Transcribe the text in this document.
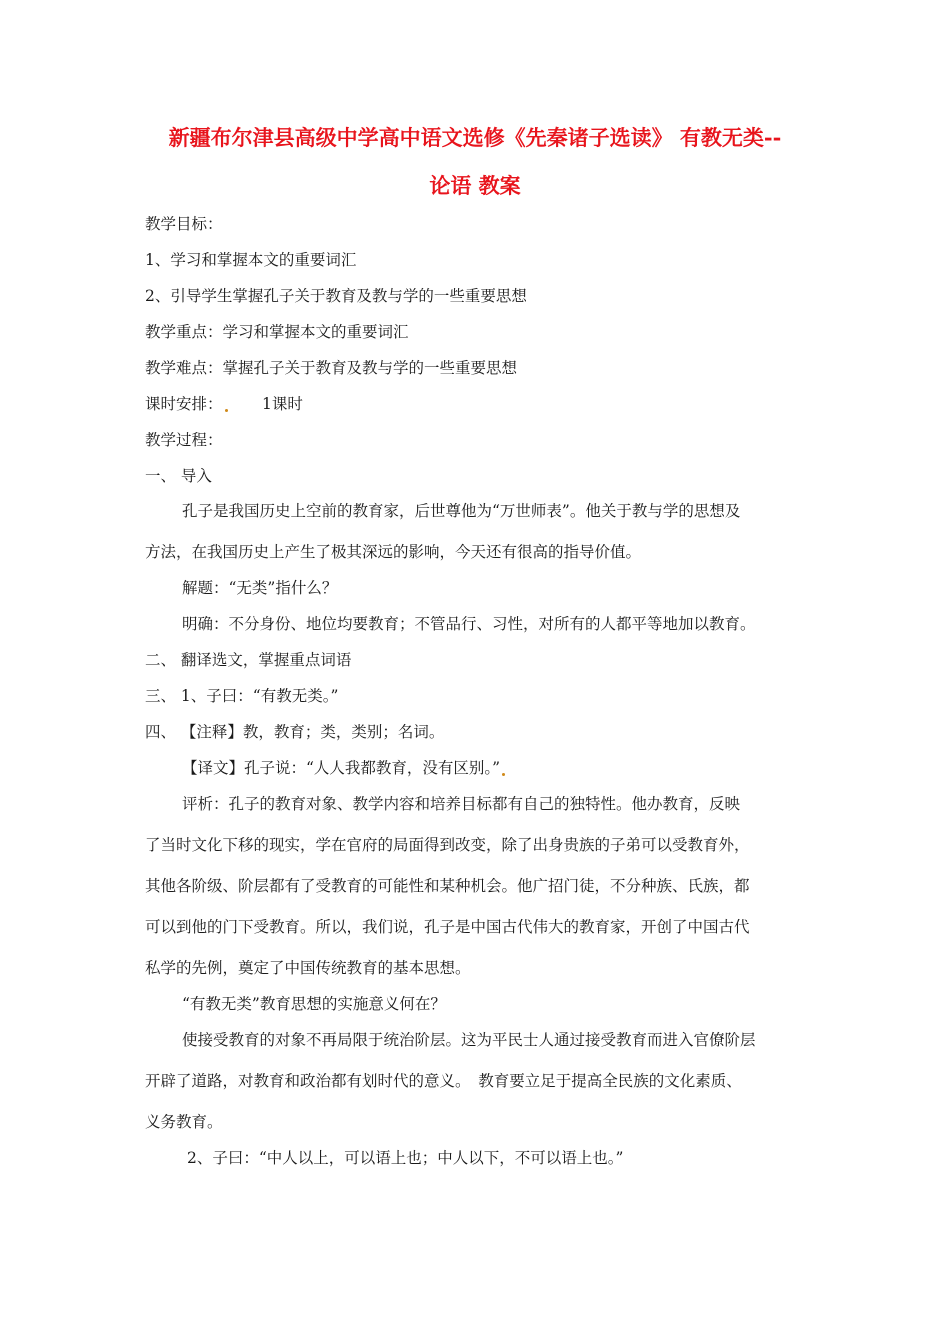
新疆布尔津县高级中学高中语文选修《先秦诸子选读》 有教无类--
论语 教案
教学目标：
1、学习和掌握本文的重要词汇
2、引导学生掌握孔子关于教育及教与学的一些重要思想
教学重点：学习和掌握本文的重要词汇
教学难点：掌握孔子关于教育及教与学的一些重要思想
课时安排：	1课时
教学过程：
一、 导入
孔子是我国历史上空前的教育家，后世尊他为“万世师表”。他关于教与学的思想及
方法，在我国历史上产生了极其深远的影响，今天还有很高的指导价值。
解题：“无类”指什么？
明确：不分身份、地位均要教育；不管品行、习性，对所有的人都平等地加以教育。
二、 翻译选文，掌握重点词语
三、 1、子曰：“有教无类。”
四、 【注释】教，教育；类，类别；名词。
【译文】孔子说：“人人我都教育，没有区别。”
评析：孔子的教育对象、教学内容和培养目标都有自己的独特性。他办教育，反映
了当时文化下移的现实，学在官府的局面得到改变，除了出身贵族的子弟可以受教育外，
其他各阶级、阶层都有了受教育的可能性和某种机会。他广招门徒，不分种族、氏族，都
可以到他的门下受教育。所以，我们说，孔子是中国古代伟大的教育家，开创了中国古代
私学的先例，奠定了中国传统教育的基本思想。
“有教无类”教育思想的实施意义何在？
使接受教育的对象不再局限于统治阶层。这为平民士人通过接受教育而进入官僚阶层
开辟了道路，对教育和政治都有划时代的意义。　教育要立足于提高全民族的文化素质、
义务教育。
2、子曰：“中人以上，可以语上也；中人以下，不可以语上也。”
